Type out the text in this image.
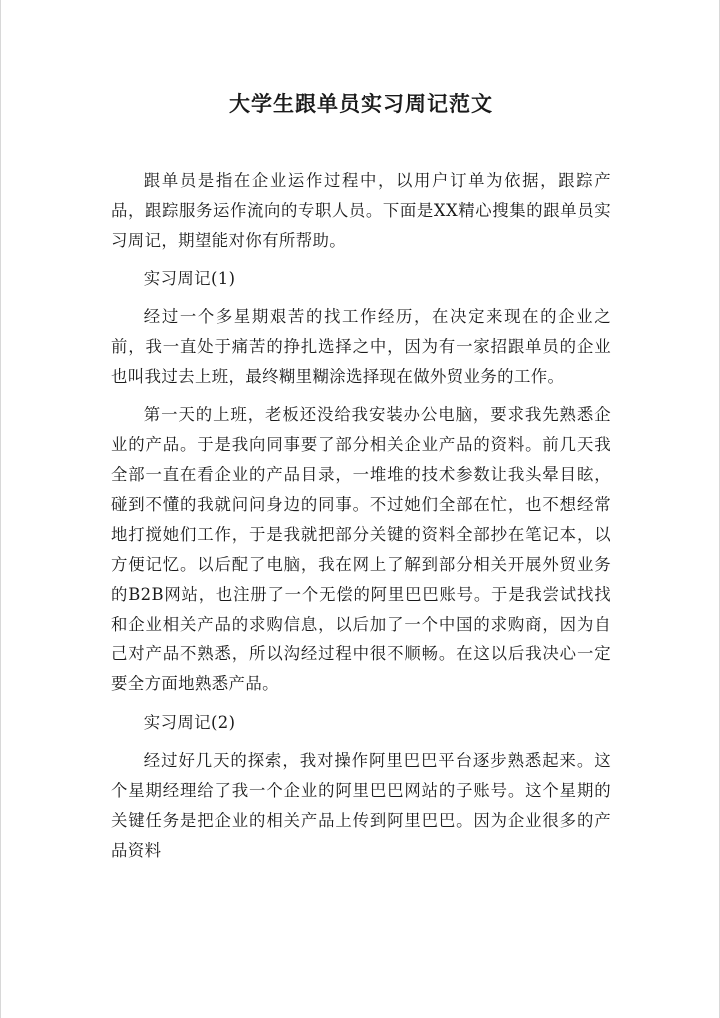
大学生跟单员实习周记范文

跟单员是指在企业运作过程中，以用户订单为依据，跟踪产品，跟踪服务运作流向的专职人员。下面是XX精心搜集的跟单员实习周记，期望能对你有所帮助。

实习周记(1)

经过一个多星期艰苦的找工作经历，在决定来现在的企业之前，我一直处于痛苦的挣扎选择之中，因为有一家招跟单员的企业也叫我过去上班，最终糊里糊涂选择现在做外贸业务的工作。

第一天的上班，老板还没给我安装办公电脑，要求我先熟悉企业的产品。于是我向同事要了部分相关企业产品的资料。前几天我全部一直在看企业的产品目录，一堆堆的技术参数让我头晕目眩，碰到不懂的我就问问身边的同事。不过她们全部在忙，也不想经常地打搅她们工作，于是我就把部分关键的资料全部抄在笔记本，以方便记忆。以后配了电脑，我在网上了解到部分相关开展外贸业务的B2B网站，也注册了一个无偿的阿里巴巴账号。于是我尝试找找和企业相关产品的求购信息，以后加了一个中国的求购商，因为自己对产品不熟悉，所以沟经过程中很不顺畅。在这以后我决心一定要全方面地熟悉产品。

实习周记(2)

经过好几天的探索，我对操作阿里巴巴平台逐步熟悉起来。这个星期经理给了我一个企业的阿里巴巴网站的子账号。这个星期的关键任务是把企业的相关产品上传到阿里巴巴。因为企业很多的产品资料
